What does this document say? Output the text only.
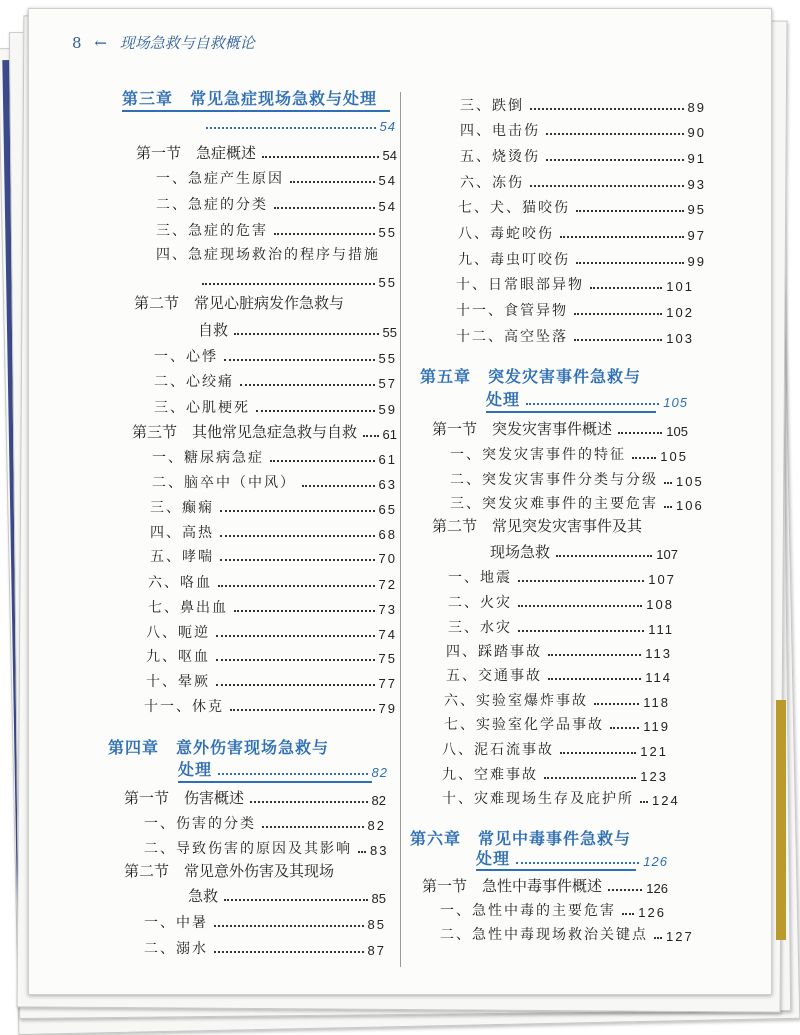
8 ← 现场急救与自救概论
第三章　常见急症现场急救与处理
54
第一节　急症概述	54
一、急症产生原因	54
二、急症的分类	54
三、急症的危害	55
四、急症现场救治的程序与措施
55
第二节　常见心脏病发作急救与
自救	55
一、心悸	55
二、心绞痛	57
三、心肌梗死	59
第三节　其他常见急症急救与自救 61
一、糖尿病急症	61
二、脑卒中（中风）	63
三、癫痫	65
四、高热	68
五、哮喘	70
六、咯血	72
七、鼻出血	73
八、呃逆	74
九、呕血	75
十、晕厥	77
十一、休克	79
第四章　意外伤害现场急救与
处理	82
第一节　伤害概述	82
一、伤害的分类	82
二、导致伤害的原因及其影响 83
第二节　常见意外伤害及其现场
急救	85
一、中暑	85
二、溺水	87
三、跌倒	89
四、电击伤	90
五、烧烫伤	91
六、冻伤	93
七、犬、猫咬伤	95
八、毒蛇咬伤	97
九、毒虫叮咬伤	99
十、日常眼部异物	101
十一、食管异物	102
十二、高空坠落	103
第五章　突发灾害事件急救与
处理	105
第一节　突发灾害事件概述	105
一、突发灾害事件的特征	105
二、突发灾害事件分类与分级 105
三、突发灾难事件的主要危害 106
第二节　常见突发灾害事件及其
现场急救	107
一、地震	107
二、火灾	108
三、水灾	111
四、踩踏事故	113
五、交通事故	114
六、实验室爆炸事故	118
七、实验室化学品事故	119
八、泥石流事故	121
九、空难事故	123
十、灾难现场生存及庇护所 124
第六章　常见中毒事件急救与
处理	126
第一节　急性中毒事件概述	126
一、急性中毒的主要危害 126
二、急性中毒现场救治关键点 127
